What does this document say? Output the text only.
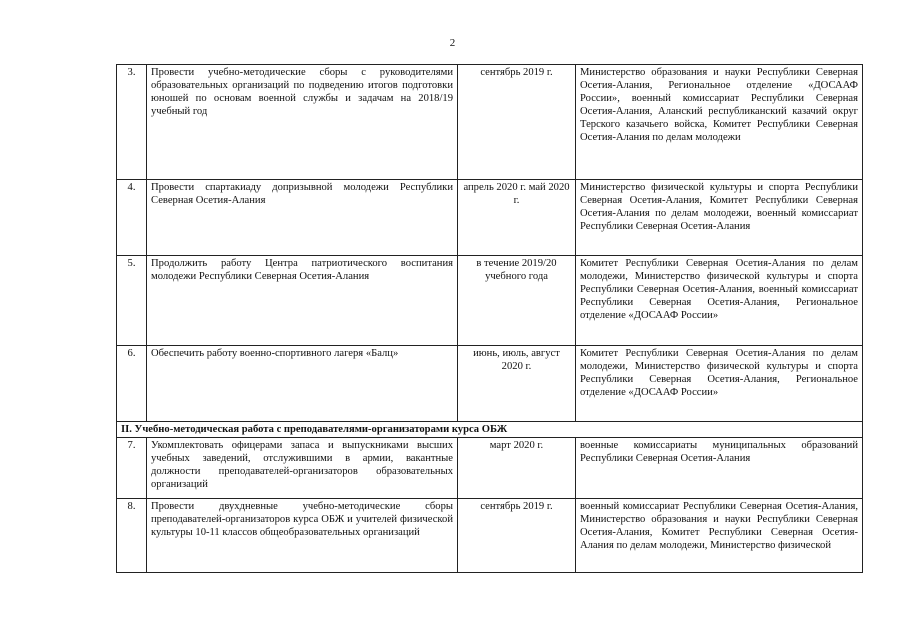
2
3.	Провести учебно-методические сборы с руководителями образовательных организаций по подведению итогов подготовки юношей по основам военной службы и задачам на 2018/19 учебный год	сентябрь 2019 г.	Министерство образования и науки Республики Северная Осетия-Алания, Региональное отделение «ДОСААФ России», военный комиссариат Республики Северная Осетия-Алания, Аланский республиканский казачий округ Терского казачьего войска, Комитет Республики Северная Осетия-Алания по делам молодежи
4.	Провести спартакиаду допризывной молодежи Республики Северная Осетия-Алания	апрель 2020 г. май 2020 г.	Министерство физической культуры и спорта Республики Северная Осетия-Алания, Комитет Республики Северная Осетия-Алания по делам молодежи, военный комиссариат Республики Северная Осетия-Алания
5.	Продолжить работу Центра патриотического воспитания молодежи Республики Северная Осетия-Алания	в течение 2019/20 учебного года	Комитет Республики Северная Осетия-Алания по делам молодежи, Министерство физической культуры и спорта Республики Северная Осетия-Алания, военный комиссариат Республики Северная Осетия-Алания, Региональное отделение «ДОСААФ России»
6.	Обеспечить работу военно-спортивного лагеря «Балц»	июнь, июль, август 2020 г.	Комитет Республики Северная Осетия-Алания по делам молодежи, Министерство физической культуры и спорта Республики Северная Осетия-Алания, Региональное отделение «ДОСААФ России»
II. Учебно-методическая работа с преподавателями-организаторами курса ОБЖ			
7.	Укомплектовать офицерами запаса и выпускниками высших учебных заведений, отслужившими в армии, вакантные должности преподавателей-организаторов образовательных организаций	март 2020 г.	военные комиссариаты муниципальных образований Республики Северная Осетия-Алания
8.	Провести двухдневные учебно-методические сборы преподавателей-организаторов курса ОБЖ и учителей физической культуры 10-11 классов общеобразовательных организаций	сентябрь 2019 г.	военный комиссариат Республики Северная Осетия-Алания, Министерство образования и науки Республики Северная Осетия-Алания, Комитет Республики Северная Осетия-Алания по делам молодежи, Министерство физической
